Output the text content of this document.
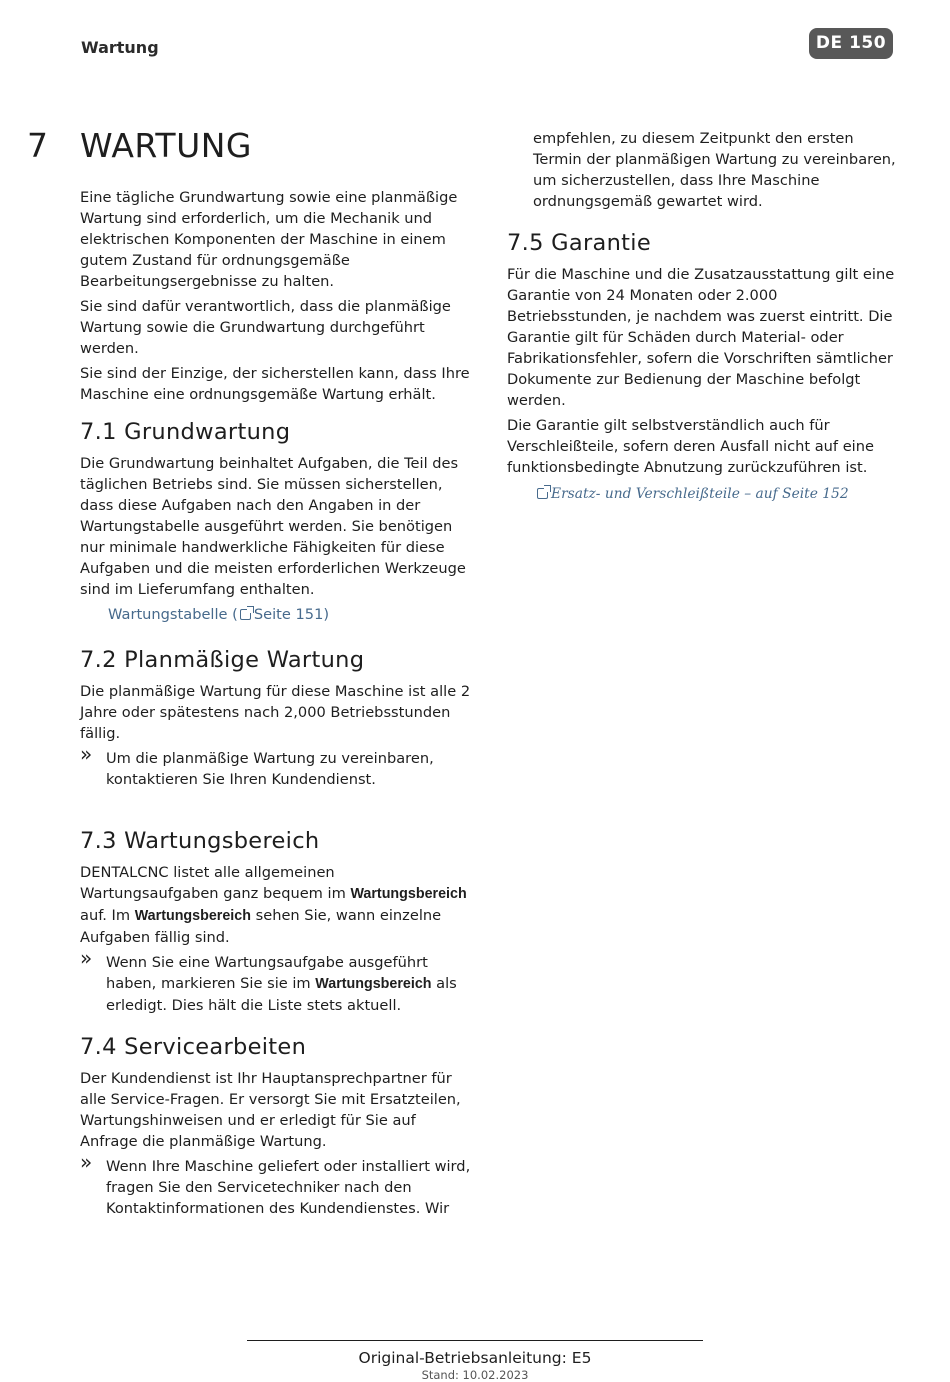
Wartung	DE 150
7 WARTUNG

Eine tägliche Grundwartung sowie eine planmäßige Wartung sind erforderlich, um die Mechanik und elektrischen Komponenten der Maschine in einem gutem Zustand für ordnungsgemäße Bearbeitungsergebnisse zu halten.

Sie sind dafür verantwortlich, dass die planmäßige Wartung sowie die Grundwartung durchgeführt werden.

Sie sind der Einzige, der sicherstellen kann, dass Ihre Maschine eine ordnungsgemäße Wartung erhält.

7.1 Grundwartung

Die Grundwartung beinhaltet Aufgaben, die Teil des täglichen Betriebs sind. Sie müssen sicherstellen, dass diese Aufgaben nach den Angaben in der Wartungstabelle ausgeführt werden. Sie benötigen nur minimale handwerkliche Fähigkeiten für diese Aufgaben und die meisten erforderlichen Werkzeuge sind im Lieferumfang enthalten.

Wartungstabelle ( Seite 151)
7.2 Planmäßige Wartung

Die planmäßige Wartung für diese Maschine ist alle 2 Jahre oder spätestens nach 2,000 Betriebsstunden fällig.

» Um die planmäßige Wartung zu vereinbaren, kontaktieren Sie Ihren Kundendienst.

7.3 Wartungsbereich

DENTALCNC listet alle allgemeinen Wartungsaufgaben ganz bequem im Wartungsbereich auf. Im Wartungsbereich sehen Sie, wann einzelne Aufgaben fällig sind.

» Wenn Sie eine Wartungsaufgabe ausgeführt haben, markieren Sie sie im Wartungsbereich als erledigt. Dies hält die Liste stets aktuell.

7.4 Servicearbeiten

Der Kundendienst ist Ihr Hauptansprechpartner für alle Service-Fragen. Er versorgt Sie mit Ersatzteilen, Wartungshinweisen und er erledigt für Sie auf Anfrage die planmäßige Wartung.

» Wenn Ihre Maschine geliefert oder installiert wird, fragen Sie den Servicetechniker nach den Kontaktinformationen des Kundendienstes. Wir

empfehlen, zu diesem Zeitpunkt den ersten Termin der planmäßigen Wartung zu vereinbaren, um sicherzustellen, dass Ihre Maschine ordnungsgemäß gewartet wird.

7.5 Garantie

Für die Maschine und die Zusatzausstattung gilt eine Garantie von 24 Monaten oder 2.000 Betriebsstunden, je nachdem was zuerst eintritt. Die Garantie gilt für Schäden durch Material- oder Fabrikationsfehler, sofern die Vorschriften sämtlicher Dokumente zur Bedienung der Maschine befolgt werden.

Die Garantie gilt selbstverständlich auch für Verschleißteile, sofern deren Ausfall nicht auf eine funktionsbedingte Abnutzung zurückzuführen ist.

Ersatz- und Verschleißteile – auf Seite 152
Original-Betriebsanleitung: E5
Stand: 10.02.2023
